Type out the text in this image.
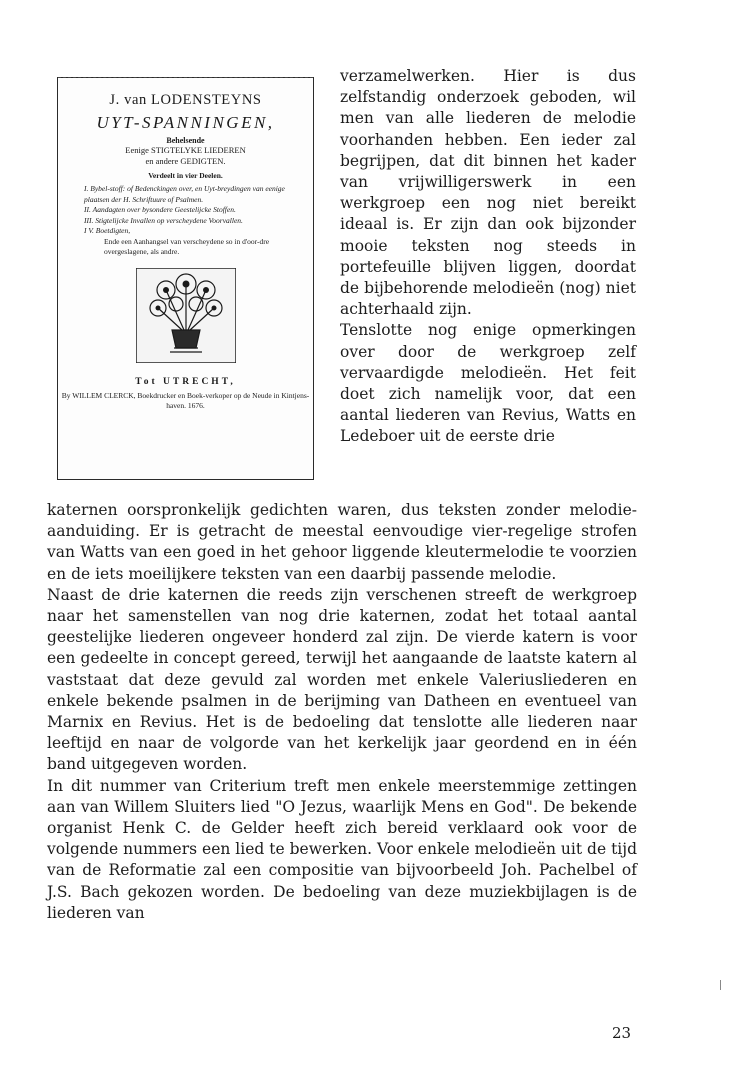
J. van LODENSTEYNS
UYT-SPANNINGEN,
Behelsende
Eenige STIGTELYKE LIEDEREN
en andere GEDIGTEN.
Verdeelt in vier Deelen.
I. Bybel-stoff: of Bedenckingen over, en Uyt-breydingen van eenige plaatsen der H. Schriftuure of Psalmen.
II. Aandagten over bysondere Geestelijcke Stoffen.
III. Stigtelijcke Invallen op verscheydene Voorvallen.
I V. Boetdigten,
Ende een Aanhangsel van verscheydene so in d'oor-dre overgeslagene, als andre.
Tot UTRECHT,
By WILLEM CLERCK, Boekdrucker en Boek-verkoper op de Neude in Kintjens-haven. 1676.

verzamelwerken. Hier is dus zelfstandig onderzoek geboden, wil men van alle liederen de melodie voorhanden hebben. Een ieder zal begrijpen, dat dit binnen het kader van vrijwilligerswerk in een werkgroep een nog niet bereikt ideaal is. Er zijn dan ook bijzonder mooie teksten nog steeds in portefeuille blijven liggen, doordat de bijbehorende melodieën (nog) niet achterhaald zijn.

Tenslotte nog enige opmerkingen over door de werkgroep zelf vervaardigde melodieën. Het feit doet zich namelijk voor, dat een aantal liederen van Revius, Watts en Ledeboer uit de eerste drie

katernen oorspronkelijk gedichten waren, dus teksten zonder melodie-aanduiding. Er is getracht de meestal eenvoudige vier-regelige strofen van Watts van een goed in het gehoor liggende kleutermelodie te voorzien en de iets moeilijkere teksten van een daarbij passende melodie.

Naast de drie katernen die reeds zijn verschenen streeft de werkgroep naar het samenstellen van nog drie katernen, zodat het totaal aantal geestelijke liederen ongeveer honderd zal zijn. De vierde katern is voor een gedeelte in concept gereed, terwijl het aangaande de laatste katern al vaststaat dat deze gevuld zal worden met enkele Valeriusliederen en enkele bekende psalmen in de berijming van Datheen en eventueel van Marnix en Revius. Het is de bedoeling dat tenslotte alle liederen naar leeftijd en naar de volgorde van het kerkelijk jaar geordend en in één band uitgegeven worden.

In dit nummer van Criterium treft men enkele meerstemmige zettingen aan van Willem Sluiters lied "O Jezus, waarlijk Mens en God". De bekende organist Henk C. de Gelder heeft zich bereid verklaard ook voor de volgende nummers een lied te bewerken. Voor enkele melodieën uit de tijd van de Reformatie zal een compositie van bijvoorbeeld Joh. Pachelbel of J.S. Bach gekozen worden. De bedoeling van deze muziekbijlagen is de liederen van

23
